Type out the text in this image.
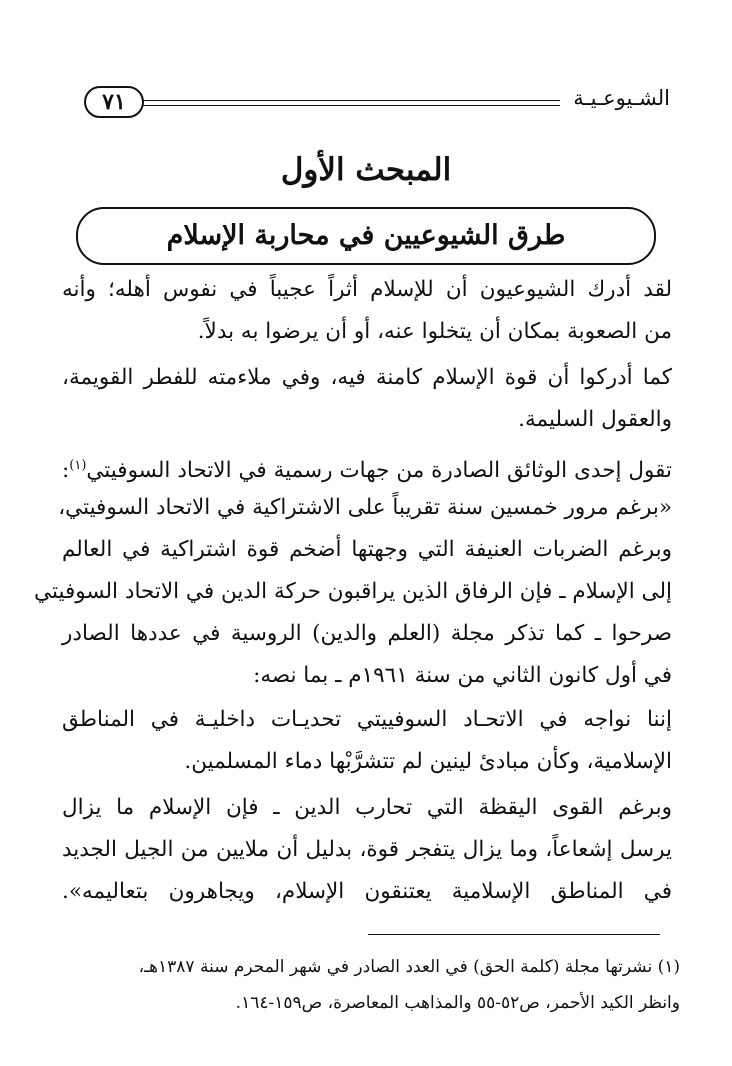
الشـيوعـيـة
٧١
المبحث الأول
طرق الشيوعيين في محاربة الإسلام
لقد أدرك الشيوعيون أن للإسلام أثراً عجيباً في نفوس أهله؛ وأنه
من الصعوبة بمكان أن يتخلوا عنه، أو أن يرضوا به بدلاً.
كما أدركوا أن قوة الإسلام كامنة فيه، وفي ملاءمته للفطر القويمة،
والعقول السليمة.
تقول إحدى الوثائق الصادرة من جهات رسمية في الاتحاد السوفيتي$^{(١)}$:
«برغم مرور خمسين سنة تقريباً على الاشتراكية في الاتحاد السوفيتي،
وبرغم الضربات العنيفة التي وجهتها أضخم قوة اشتراكية في العالم
إلى الإسلام ـ فإن الرفاق الذين يراقبون حركة الدين في الاتحاد السوفيتي
صرحوا ـ كما تذكر مجلة (العلم والدين) الروسية في عددها الصادر
في أول كانون الثاني من سنة ١٩٦١م ـ بما نصه:
إننا نواجه في الاتحـاد السوفييتي تحديـات داخليـة في المناطق
الإسلامية، وكأن مبادئ لينين لم تتشرَّبْها دماء المسلمين.
وبرغم القوى اليقظة التي تحارب الدين ـ فإن الإسلام ما يزال
يرسل إشعاعاً، وما يزال يتفجر قوة، بدليل أن ملايين من الجيل الجديد
في المناطق الإسلامية يعتنقون الإسلام، ويجاهرون بتعاليمه».
(١) نشرتها مجلة (كلمة الحق) في العدد الصادر في شهر المحرم سنة ١٣٨٧هـ،
وانظر الكيد الأحمر، ص٥٢-٥٥ والمذاهب المعاصرة، ص١٥٩-١٦٤.
